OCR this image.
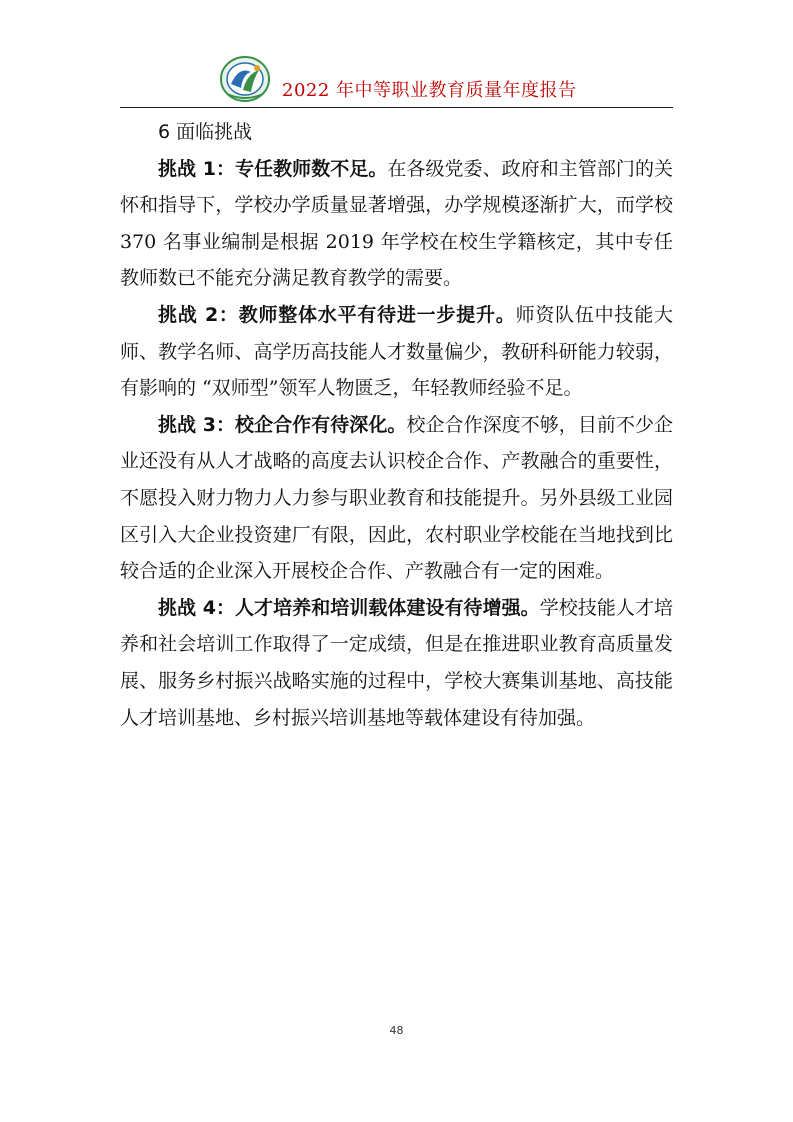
2022 年中等职业教育质量年度报告

6 面临挑战

挑战 1：专任教师数不足。在各级党委、政府和主管部门的关怀和指导下，学校办学质量显著增强，办学规模逐渐扩大，而学校 370 名事业编制是根据 2019 年学校在校生学籍核定，其中专任教师数已不能充分满足教育教学的需要。

挑战 2：教师整体水平有待进一步提升。师资队伍中技能大师、教学名师、高学历高技能人才数量偏少，教研科研能力较弱，有影响的 “双师型”领军人物匮乏，年轻教师经验不足。

挑战 3：校企合作有待深化。校企合作深度不够，目前不少企业还没有从人才战略的高度去认识校企合作、产教融合的重要性，不愿投入财力物力人力参与职业教育和技能提升。另外县级工业园区引入大企业投资建厂有限，因此，农村职业学校能在当地找到比较合适的企业深入开展校企合作、产教融合有一定的困难。

挑战 4：人才培养和培训载体建设有待增强。学校技能人才培养和社会培训工作取得了一定成绩，但是在推进职业教育高质量发展、服务乡村振兴战略实施的过程中，学校大赛集训基地、高技能人才培训基地、乡村振兴培训基地等载体建设有待加强。

48
